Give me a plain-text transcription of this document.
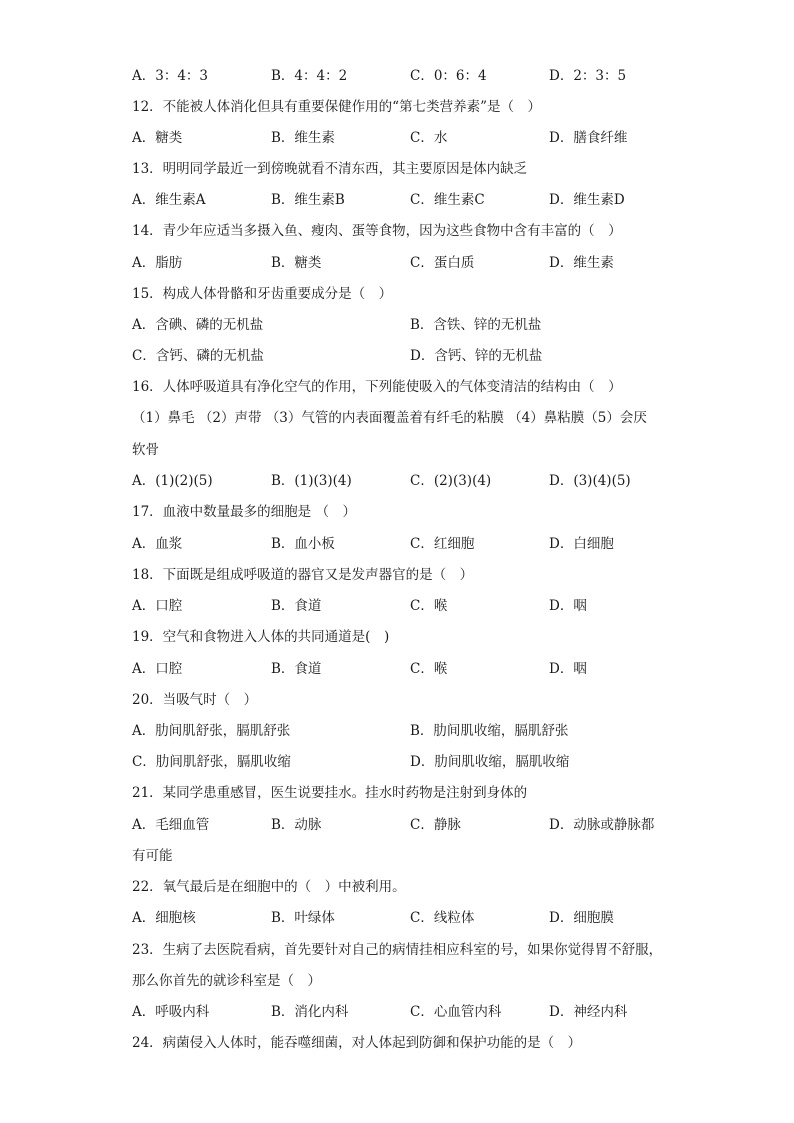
A．3：4：3	B．4：4：2	C．0：6：4	D．2：3：5
12．不能被人体消化但具有重要保健作用的“第七类营养素”是（　）
A．糖类	B．维生素	C．水	D．膳食纤维
13．明明同学最近一到傍晚就看不清东西，其主要原因是体内缺乏
A．维生素A	B．维生素B	C．维生素C	D．维生素D
14．青少年应适当多摄入鱼、瘦肉、蛋等食物，因为这些食物中含有丰富的（　）
A．脂肪	B．糖类	C．蛋白质	D．维生素
15．构成人体骨骼和牙齿重要成分是（　）
A．含碘、磷的无机盐	B．含铁、锌的无机盐
C．含钙、磷的无机盐	D．含钙、锌的无机盐
16．人体呼吸道具有净化空气的作用，下列能使吸入的气体变清洁的结构由（　）
（1）鼻毛 （2）声带 （3）气管的内表面覆盖着有纤毛的粘膜 （4）鼻粘膜（5）会厌
软骨
A．(1)(2)(5)	B．(1)(3)(4)	C．(2)(3)(4)	D．(3)(4)(5)
17．血液中数量最多的细胞是 （　）
A．血浆	B．血小板	C．红细胞	D．白细胞
18．下面既是组成呼吸道的器官又是发声器官的是（　）
A．口腔	B．食道	C．喉	D．咽
19．空气和食物进入人体的共同通道是(　)
A．口腔	B．食道	C．喉	D．咽
20．当吸气时（　）
A．肋间肌舒张，膈肌舒张	B．肋间肌收缩，膈肌舒张
C．肋间肌舒张，膈肌收缩	D．肋间肌收缩，膈肌收缩
21．某同学患重感冒，医生说要挂水。挂水时药物是注射到身体的
A．毛细血管	B．动脉	C．静脉	D．动脉或静脉都
有可能
22．氧气最后是在细胞中的（　）中被利用。
A．细胞核	B．叶绿体	C．线粒体	D．细胞膜
23．生病了去医院看病，首先要针对自己的病情挂相应科室的号，如果你觉得胃不舒服，
那么你首先的就诊科室是（　）
A．呼吸内科	B．消化内科	C．心血管内科	D．神经内科
24．病菌侵入人体时，能吞噬细菌，对人体起到防御和保护功能的是（　）
